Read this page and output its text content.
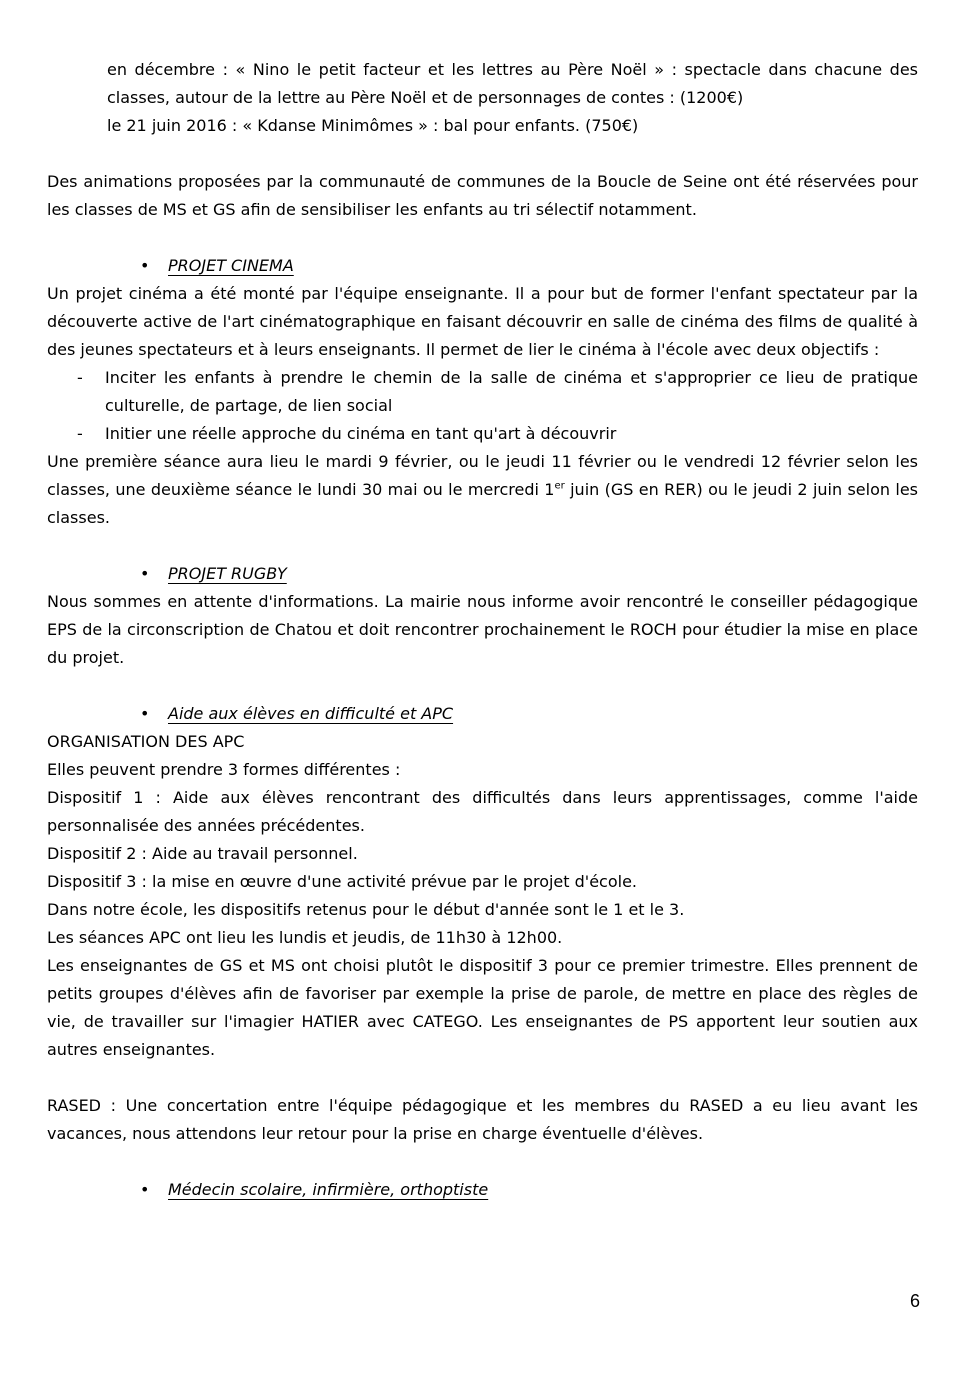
en décembre : « Nino le petit facteur et les lettres au Père Noël » : spectacle dans chacune des classes, autour de la lettre au Père Noël et de personnages de contes : (1200€)
le 21 juin 2016 : « Kdanse Minimômes » : bal pour enfants. (750€)

Des animations proposées par la communauté de communes de la Boucle de Seine ont été réservées pour les classes de MS et GS afin de sensibiliser les enfants au tri sélectif notamment.

• PROJET CINEMA

Un projet cinéma a été monté par l'équipe enseignante. Il a pour but de former l'enfant spectateur par la découverte active de l'art cinématographique en faisant découvrir en salle de cinéma des films de qualité à des jeunes spectateurs et à leurs enseignants. Il permet de lier le cinéma à l'école avec deux objectifs :

-	Inciter les enfants à prendre le chemin de la salle de cinéma et s'approprier ce lieu de pratique culturelle, de partage, de lien social
-	Initier une réelle approche du cinéma en tant qu'art à découvrir

Une première séance aura lieu le mardi 9 février, ou le jeudi 11 février ou le vendredi 12 février selon les classes, une deuxième séance le lundi 30 mai ou le mercredi 1er juin (GS en RER) ou le jeudi 2 juin selon les classes.

• PROJET RUGBY

Nous sommes en attente d'informations. La mairie nous informe avoir rencontré le conseiller pédagogique EPS de la circonscription de Chatou et doit rencontrer prochainement le ROCH pour étudier la mise en place du projet.

• Aide aux élèves en difficulté et APC

ORGANISATION DES APC

Elles peuvent prendre 3 formes différentes :

Dispositif 1 : Aide aux élèves rencontrant des difficultés dans leurs apprentissages, comme l'aide personnalisée des années précédentes.

Dispositif 2 : Aide au travail personnel.

Dispositif 3 : la mise en œuvre d'une activité prévue par le projet d'école.

Dans notre école, les dispositifs retenus pour le début d'année sont le 1 et le 3.

Les séances APC ont lieu les lundis et jeudis, de 11h30 à 12h00.

Les enseignantes de GS et MS ont choisi plutôt le dispositif 3 pour ce premier trimestre. Elles prennent de petits groupes d'élèves afin de favoriser par exemple la prise de parole, de mettre en place des règles de vie, de travailler sur l'imagier HATIER avec CATEGO. Les enseignantes de PS apportent leur soutien aux autres enseignantes.

RASED : Une concertation entre l'équipe pédagogique et les membres du RASED a eu lieu avant les vacances, nous attendons leur retour pour la prise en charge éventuelle d'élèves.

• Médecin scolaire, infirmière, orthoptiste
6
